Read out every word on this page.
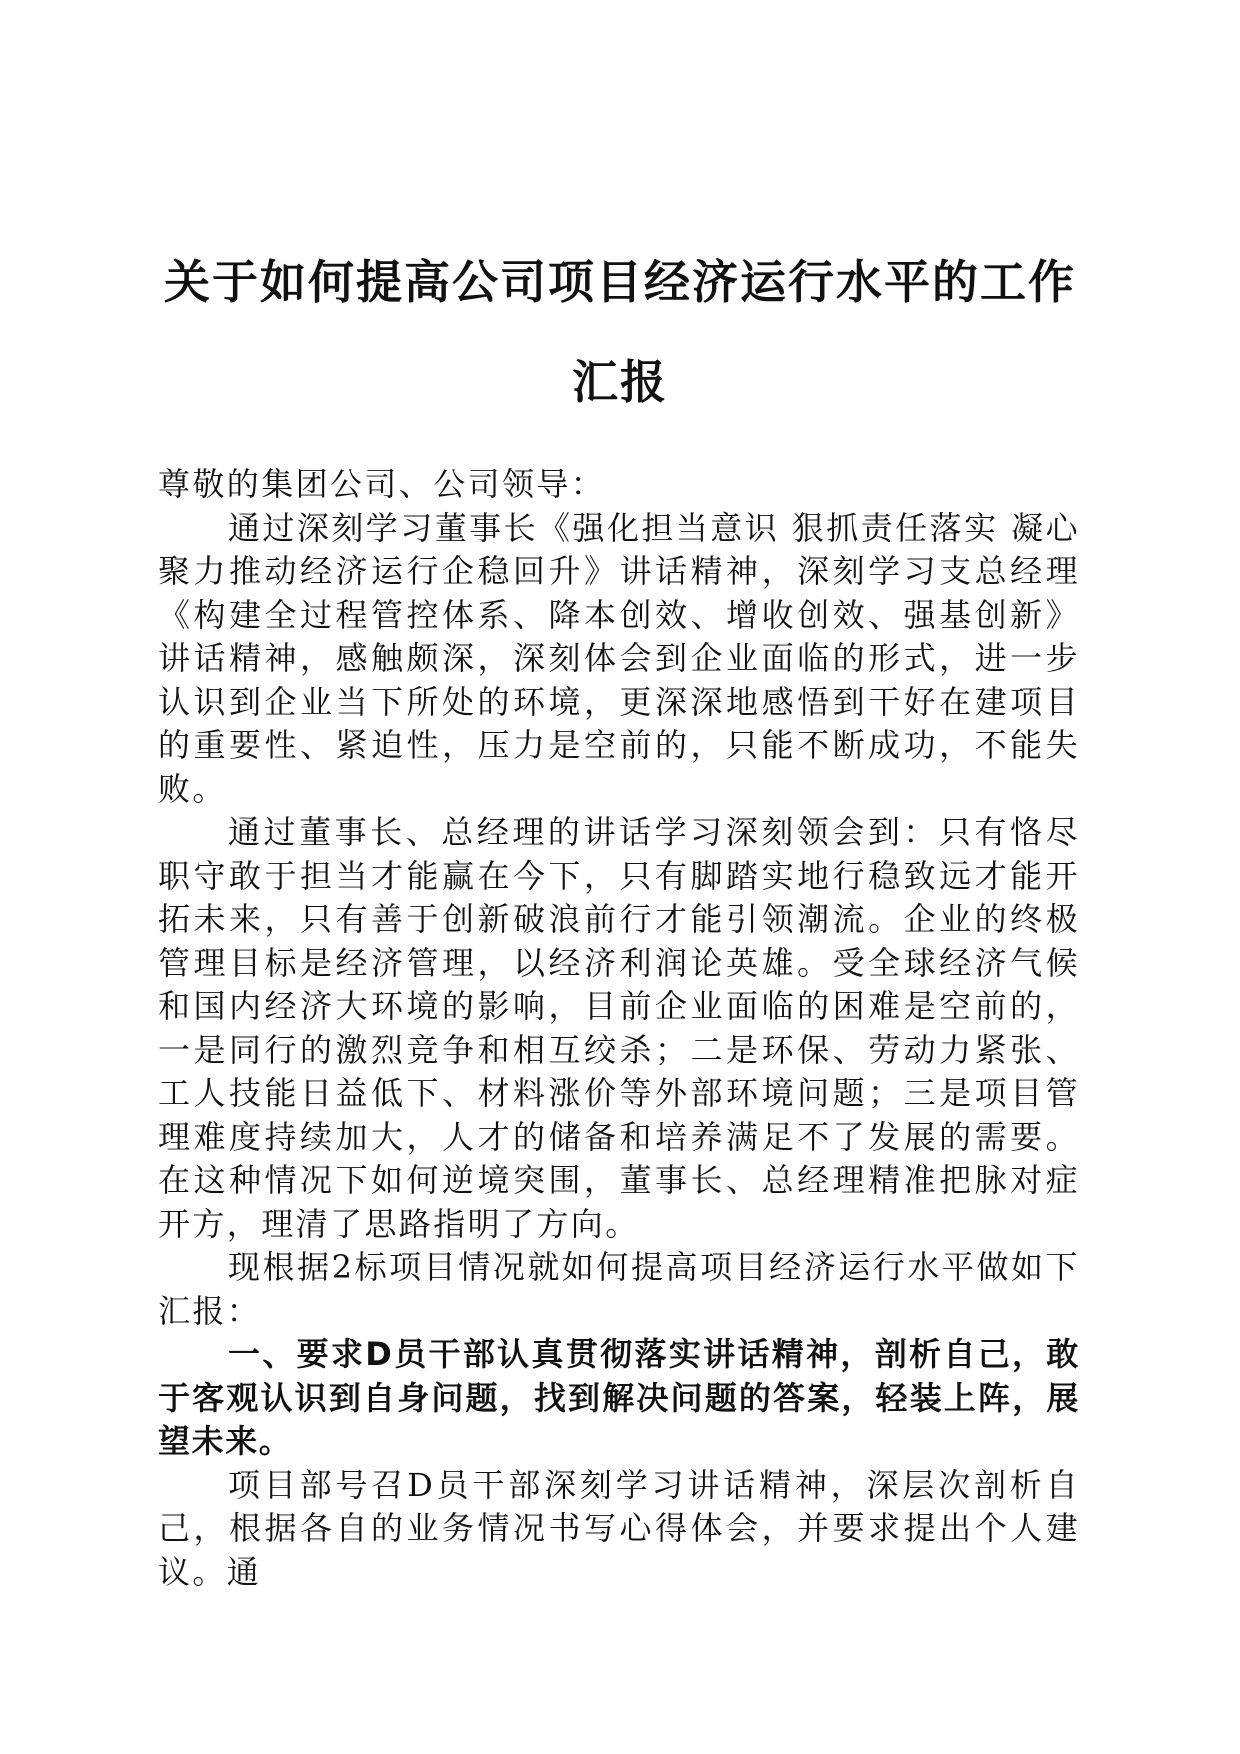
关于如何提高公司项目经济运行水平的工作汇报

尊敬的集团公司、公司领导：

通过深刻学习董事长《强化担当意识 狠抓责任落实 凝心聚力推动经济运行企稳回升》讲话精神，深刻学习支总经理《构建全过程管控体系、降本创效、增收创效、强基创新》讲话精神，感触颇深，深刻体会到企业面临的形式，进一步认识到企业当下所处的环境，更深深地感悟到干好在建项目的重要性、紧迫性，压力是空前的，只能不断成功，不能失败。

通过董事长、总经理的讲话学习深刻领会到：只有恪尽职守敢于担当才能赢在今下，只有脚踏实地行稳致远才能开拓未来，只有善于创新破浪前行才能引领潮流。企业的终极管理目标是经济管理，以经济利润论英雄。受全球经济气候和国内经济大环境的影响，目前企业面临的困难是空前的，一是同行的激烈竞争和相互绞杀；二是环保、劳动力紧张、工人技能日益低下、材料涨价等外部环境问题；三是项目管理难度持续加大，人才的储备和培养满足不了发展的需要。在这种情况下如何逆境突围，董事长、总经理精准把脉对症开方，理清了思路指明了方向。

现根据2标项目情况就如何提高项目经济运行水平做如下汇报：

一、要求D员干部认真贯彻落实讲话精神，剖析自己，敢于客观认识到自身问题，找到解决问题的答案，轻装上阵，展望未来。

项目部号召D员干部深刻学习讲话精神，深层次剖析自己，根据各自的业务情况书写心得体会，并要求提出个人建议。通
